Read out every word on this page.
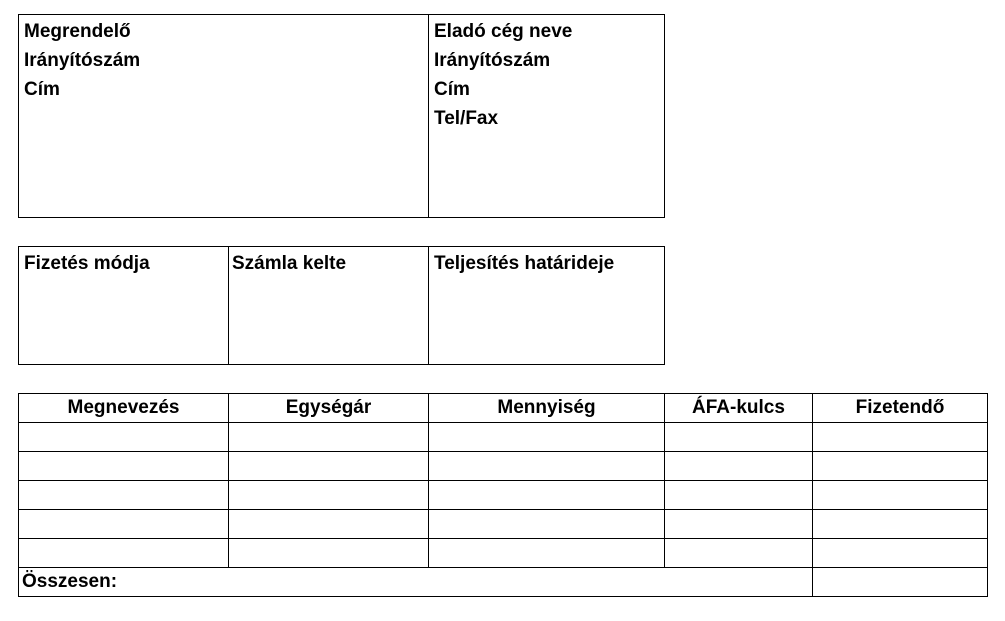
Megrendelő
Irányítószám
Cím
Eladó cég neve
Irányítószám
Cím
Tel/Fax
Fizetés módja	Számla kelte	Teljesítés határideje
Megnevezés	Egységár	Mennyiség	ÁFA-kulcs	Fizetendő

Összesen:				
